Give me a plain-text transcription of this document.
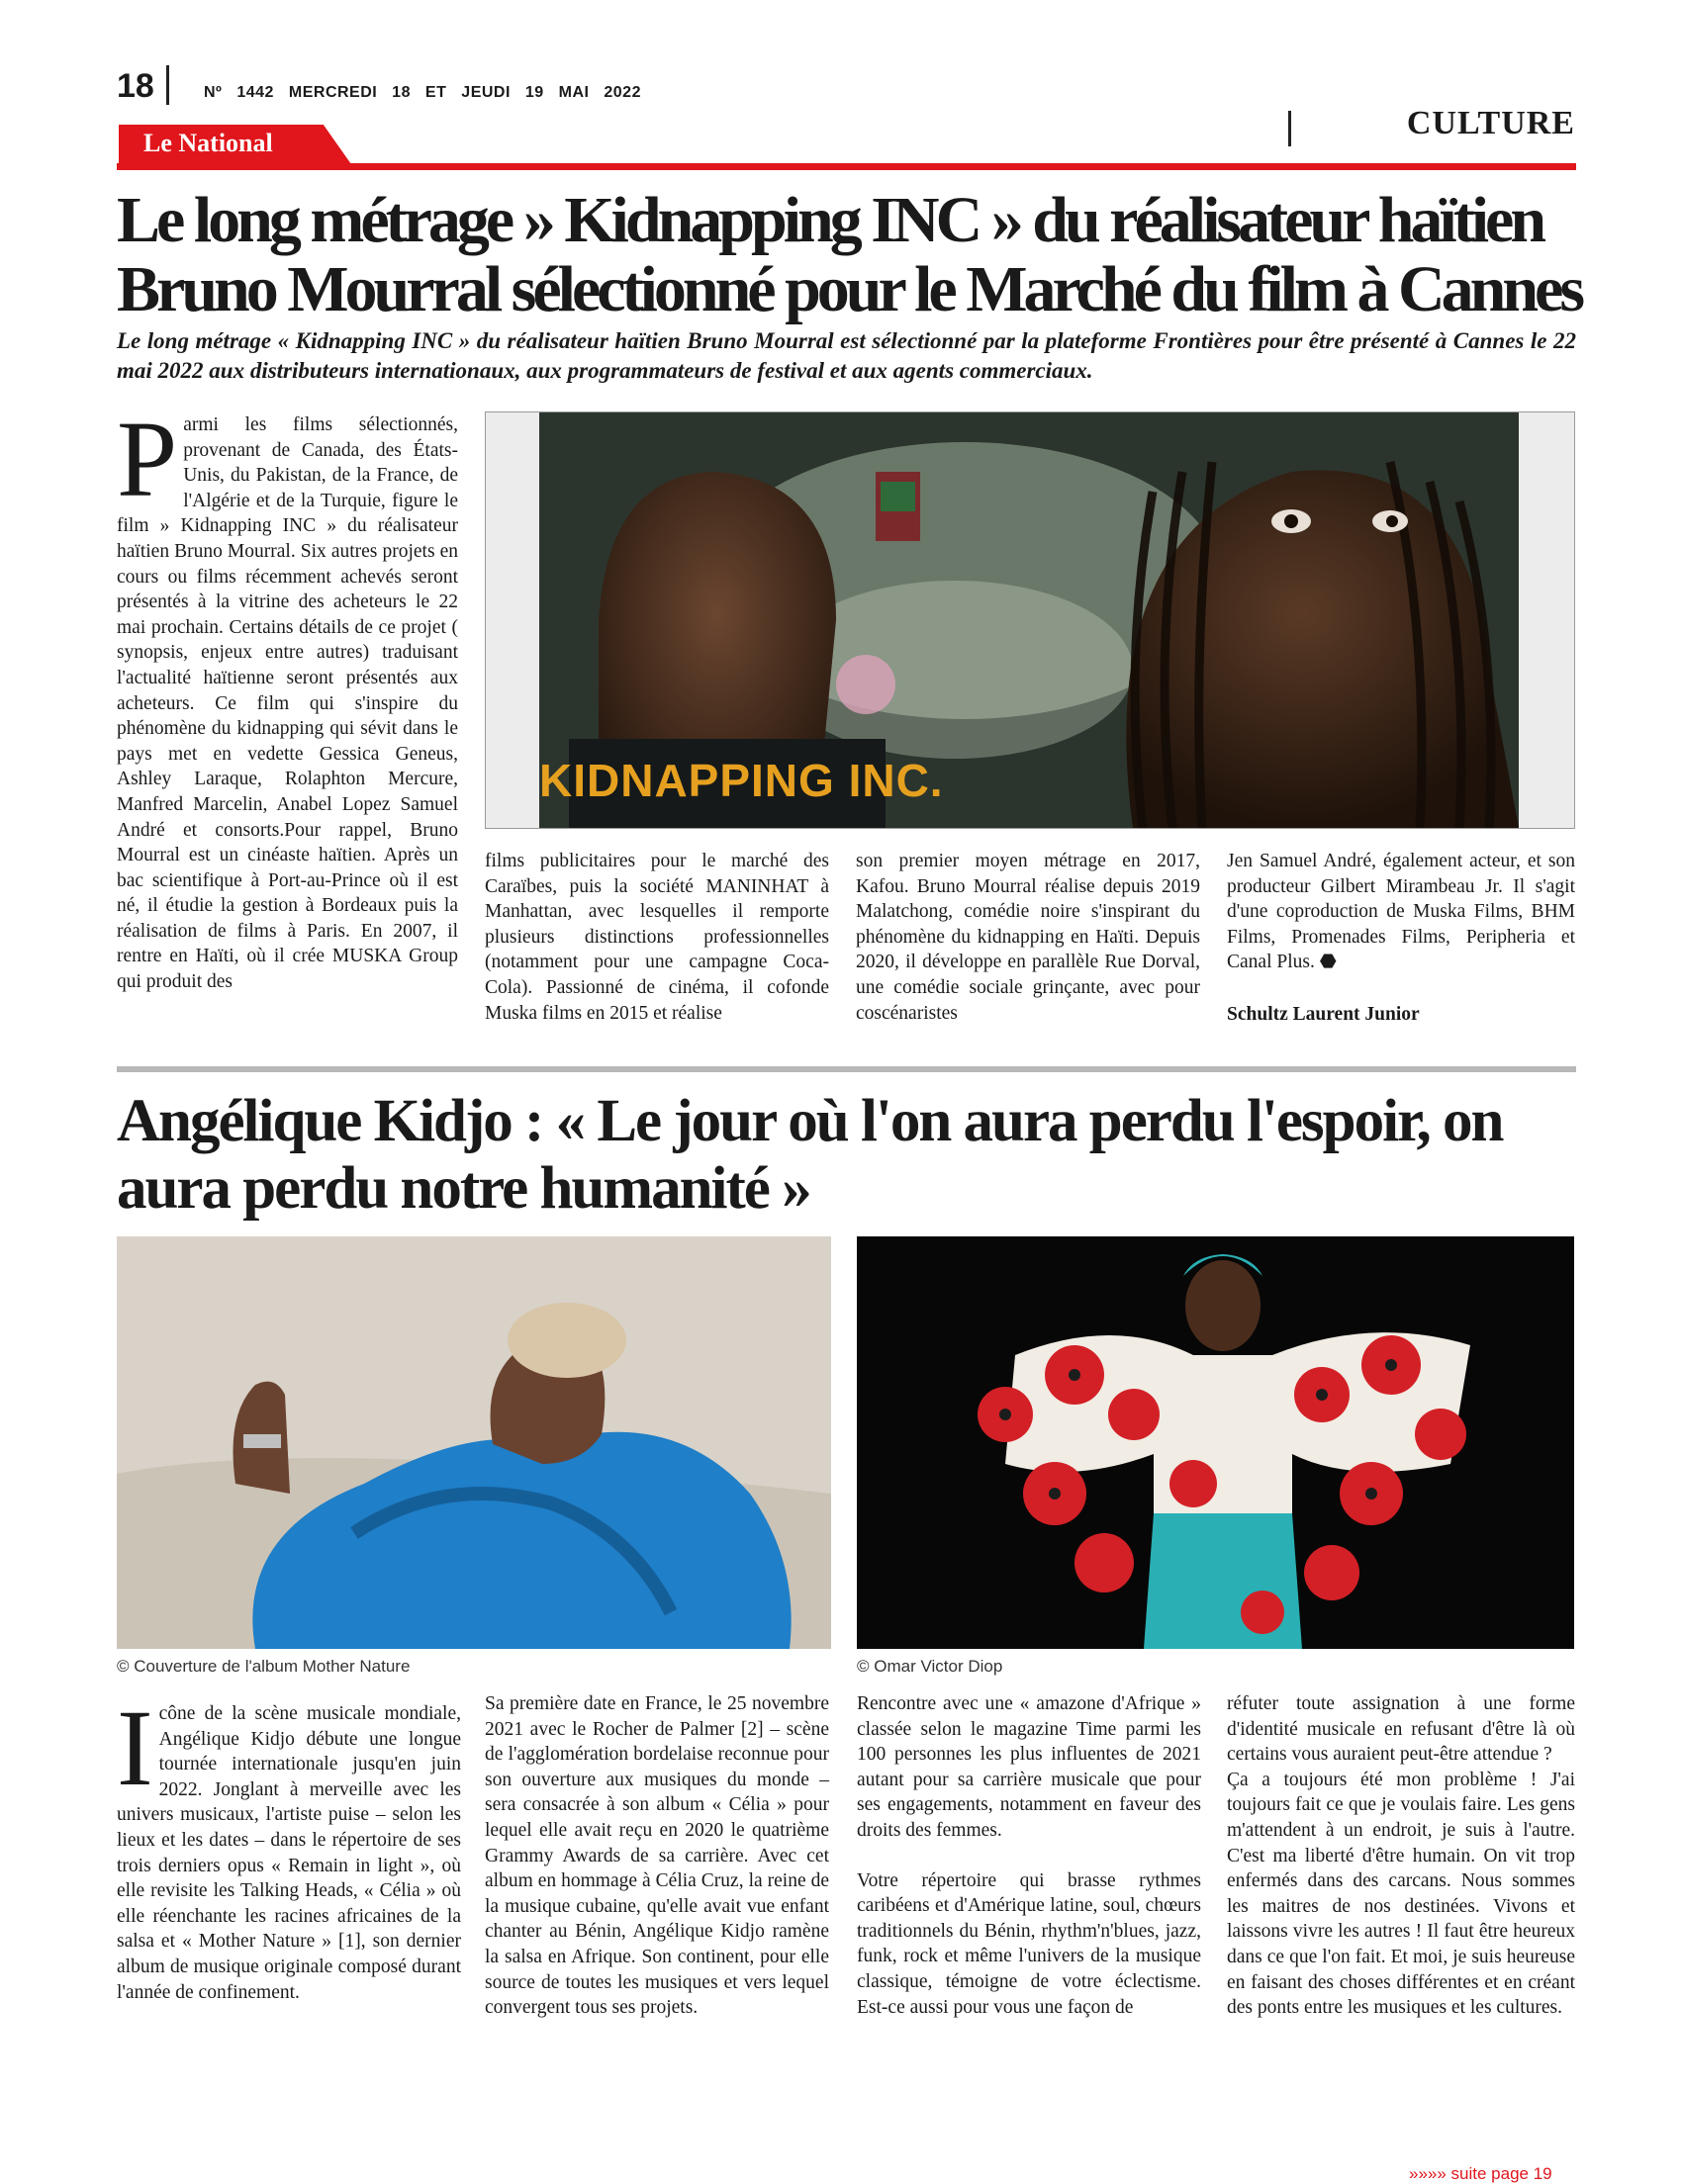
18	Nº 1442 MERCREDI 18 ET JEUDI 19 MAI 2022
Le National
CULTURE
Le long métrage » Kidnapping INC » du réalisateur haïtien Bruno Mourral sélectionné pour le Marché du film à Cannes

Le long métrage « Kidnapping INC » du réalisateur haïtien Bruno Mourral est sélectionné par la plateforme Frontières pour être présenté à Cannes le 22 mai 2022 aux distributeurs internationaux, aux programmateurs de festival et aux agents commerciaux.

Parmi les films sélectionnés, provenant de Canada, des États-Unis, du Pakistan, de la France, de l'Algérie et de la Turquie, figure le film » Kidnapping INC » du réalisateur haïtien Bruno Mourral. Six autres projets en cours ou films récemment achevés seront présentés à la vitrine des acheteurs le 22 mai prochain. Certains détails de ce projet ( synopsis, enjeux entre autres) traduisant l'actualité haïtienne seront présentés aux acheteurs. Ce film qui s'inspire du phénomène du kidnapping qui sévit dans le pays met en vedette Gessica Geneus, Ashley Laraque, Rolaphton Mercure, Manfred Marcelin, Anabel Lopez Samuel André et consorts.Pour rappel, Bruno Mourral est un cinéaste haïtien. Après un bac scientifique à Port-au-Prince où il est né, il étudie la gestion à Bordeaux puis la réalisation de films à Paris. En 2007, il rentre en Haïti, où il crée MUSKA Group qui produit des
KIDNAPPING INC.
films publicitaires pour le marché des Caraïbes, puis la société MANINHAT à Manhattan, avec lesquelles il remporte plusieurs distinctions professionnelles (notamment pour une campagne Coca-Cola). Passionné de cinéma, il cofonde Muska films en 2015 et réalise
son premier moyen métrage en 2017, Kafou. Bruno Mourral réalise depuis 2019 Malatchong, comédie noire s'inspirant du phénomène du kidnapping en Haïti. Depuis 2020, il développe en parallèle Rue Dorval, une comédie sociale grinçante, avec pour coscénaristes
Jen Samuel André, également acteur, et son producteur Gilbert Mirambeau Jr. Il s'agit d'une coproduction de Muska Films, BHM Films, Promenades Films, Peripheria et Canal Plus. ⬣
Schultz Laurent Junior
Angélique Kidjo : « Le jour où l'on aura perdu l'espoir, on aura perdu notre humanité »
© Couverture de l'album Mother Nature	© Omar Victor Diop
Icône de la scène musicale mondiale, Angélique Kidjo débute une longue tournée internationale jusqu'en juin 2022. Jonglant à merveille avec les univers musicaux, l'artiste puise – selon les lieux et les dates – dans le répertoire de ses trois derniers opus « Remain in light », où elle revisite les Talking Heads, « Célia » où elle réenchante les racines africaines de la salsa et « Mother Nature » [1], son dernier album de musique originale composé durant l'année de confinement.
Sa première date en France, le 25 novembre 2021 avec le Rocher de Palmer [2] – scène de l'agglomération bordelaise reconnue pour son ouverture aux musiques du monde – sera consacrée à son album « Célia » pour lequel elle avait reçu en 2020 le quatrième Grammy Awards de sa carrière. Avec cet album en hommage à Célia Cruz, la reine de la musique cubaine, qu'elle avait vue enfant chanter au Bénin, Angélique Kidjo ramène la salsa en Afrique. Son continent, pour elle source de toutes les musiques et vers lequel convergent tous ses projets.

Rencontre avec une « amazone d'Afrique » classée selon le magazine Time parmi les 100 personnes les plus influentes de 2021 autant pour sa carrière musicale que pour ses engagements, notamment en faveur des droits des femmes.

Votre répertoire qui brasse rythmes caribéens et d'Amérique latine, soul, chœurs traditionnels du Bénin, rhythm'n'blues, jazz, funk, rock et même l'univers de la musique classique, témoigne de votre éclectisme. Est-ce aussi pour vous une façon de

réfuter toute assignation à une forme d'identité musicale en refusant d'être là où certains vous auraient peut-être attendue ?

Ça a toujours été mon problème ! J'ai toujours fait ce que je voulais faire. Les gens m'attendent à un endroit, je suis à l'autre. C'est ma liberté d'être humain. On vit trop enfermés dans des carcans. Nous sommes les maitres de nos destinées. Vivons et laissons vivre les autres ! Il faut être heureux dans ce que l'on fait. Et moi, je suis heureuse en faisant des choses différentes et en créant des ponts entre les musiques et les cultures.

»»»» suite page 19
